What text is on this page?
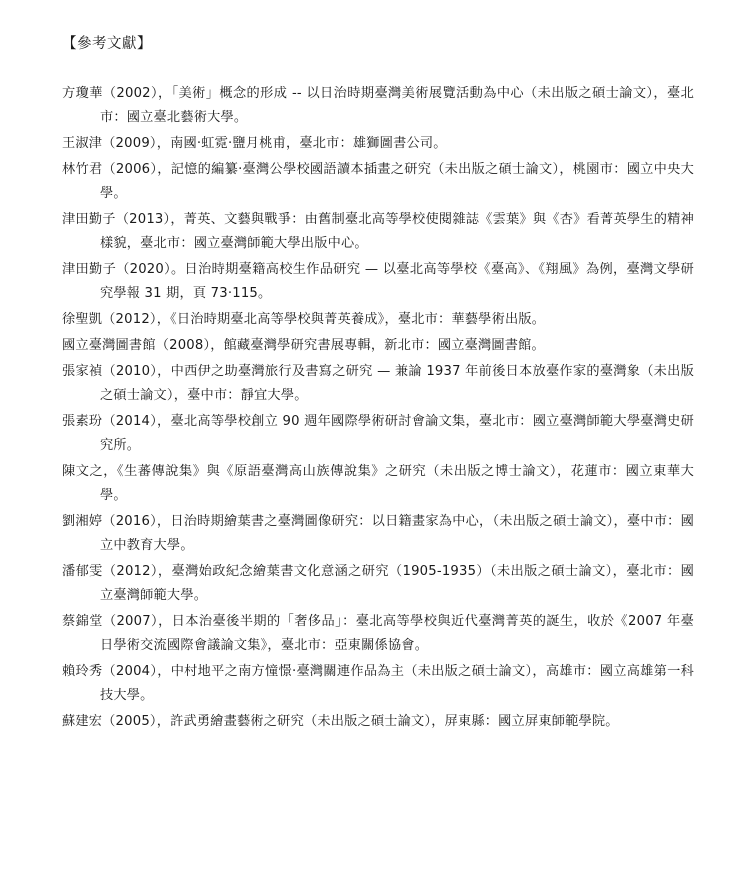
【參考文獻】
方瓊華（2002），「美術」概念的形成 -- 以日治時期臺灣美術展覽活動為中心（未出版之碩士論文），臺北市：國立臺北藝術大學。
王淑津（2009），南國‧虹霓‧鹽月桃甫，臺北市：雄獅圖書公司。
林竹君（2006），記憶的編纂‧臺灣公學校國語讀本插畫之研究（未出版之碩士論文），桃園市：國立中央大學。
津田勤子（2013），菁英、文藝與戰爭：由舊制臺北高等學校使閱雜誌《雲葉》與《杏》看菁英學生的精神樣貌，臺北市：國立臺灣師範大學出版中心。
津田勤子（2020）。日治時期臺籍高校生作品研究 — 以臺北高等學校《臺高》、《翔風》為例，臺灣文學研究學報 31 期，頁 73‧115。
徐聖凱（2012），《日治時期臺北高等學校與菁英養成》，臺北市：華藝學術出版。
國立臺灣圖書館（2008），館藏臺灣學研究書展專輯，新北市：國立臺灣圖書館。
張家禎（2010），中西伊之助臺灣旅行及書寫之研究 — 兼論 1937 年前後日本放臺作家的臺灣象（未出版之碩士論文），臺中市：靜宜大學。
張素玢（2014），臺北高等學校創立 90 週年國際學術研討會論文集，臺北市：國立臺灣師範大學臺灣史研究所。
陳文之，《生蕃傳說集》與《原語臺灣高山族傳說集》之研究（未出版之博士論文），花蓮市：國立東華大學。
劉湘婷（2016），日治時期繪葉書之臺灣圖像研究：以日籍畫家為中心，（未出版之碩士論文），臺中市：國立中教育大學。
潘郁雯（2012），臺灣始政紀念繪葉書文化意涵之研究（1905-1935）（未出版之碩士論文），臺北市：國立臺灣師範大學。
蔡錦堂（2007），日本治臺後半期的「奢侈品」：臺北高等學校與近代臺灣菁英的誕生，收於《2007 年臺日學術交流國際會議論文集》，臺北市：亞東關係協會。
賴玲秀（2004），中村地平之南方憧憬‧臺灣關連作品為主（未出版之碩士論文），高雄市：國立高雄第一科技大學。
蘇建宏（2005），許武勇繪畫藝術之研究（未出版之碩士論文），屏東縣：國立屏東師範學院。
